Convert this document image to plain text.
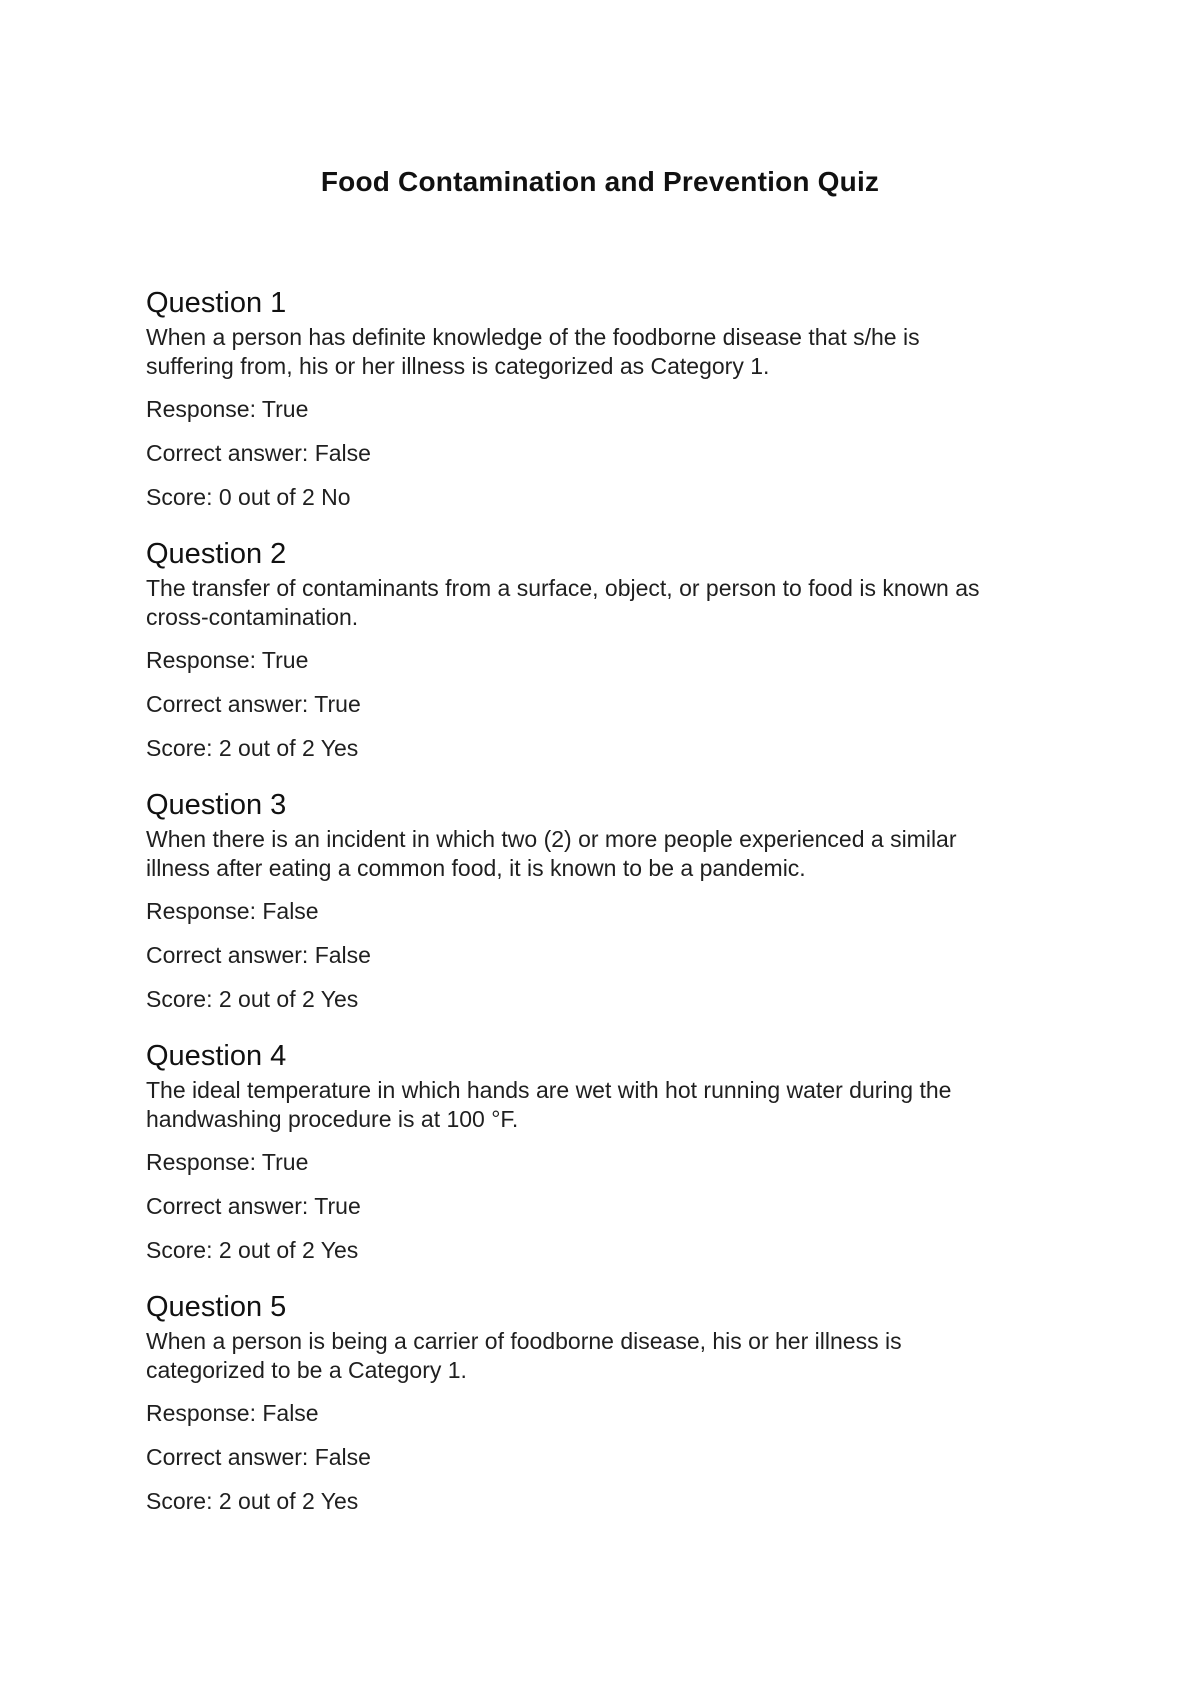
Food Contamination and Prevention Quiz
Question 1
When a person has definite knowledge of the foodborne disease that s/he is
suffering from, his or her illness is categorized as Category 1.
Response: True
Correct answer: False
Score: 0 out of 2 No
Question 2
The transfer of contaminants from a surface, object, or person to food is known as
cross-contamination.
Response: True
Correct answer: True
Score: 2 out of 2 Yes
Question 3
When there is an incident in which two (2) or more people experienced a similar
illness after eating a common food, it is known to be a pandemic.
Response: False
Correct answer: False
Score: 2 out of 2 Yes
Question 4
The ideal temperature in which hands are wet with hot running water during the
handwashing procedure is at 100 °F.
Response: True
Correct answer: True
Score: 2 out of 2 Yes
Question 5
When a person is being a carrier of foodborne disease, his or her illness is
categorized to be a Category 1.
Response: False
Correct answer: False
Score: 2 out of 2 Yes
